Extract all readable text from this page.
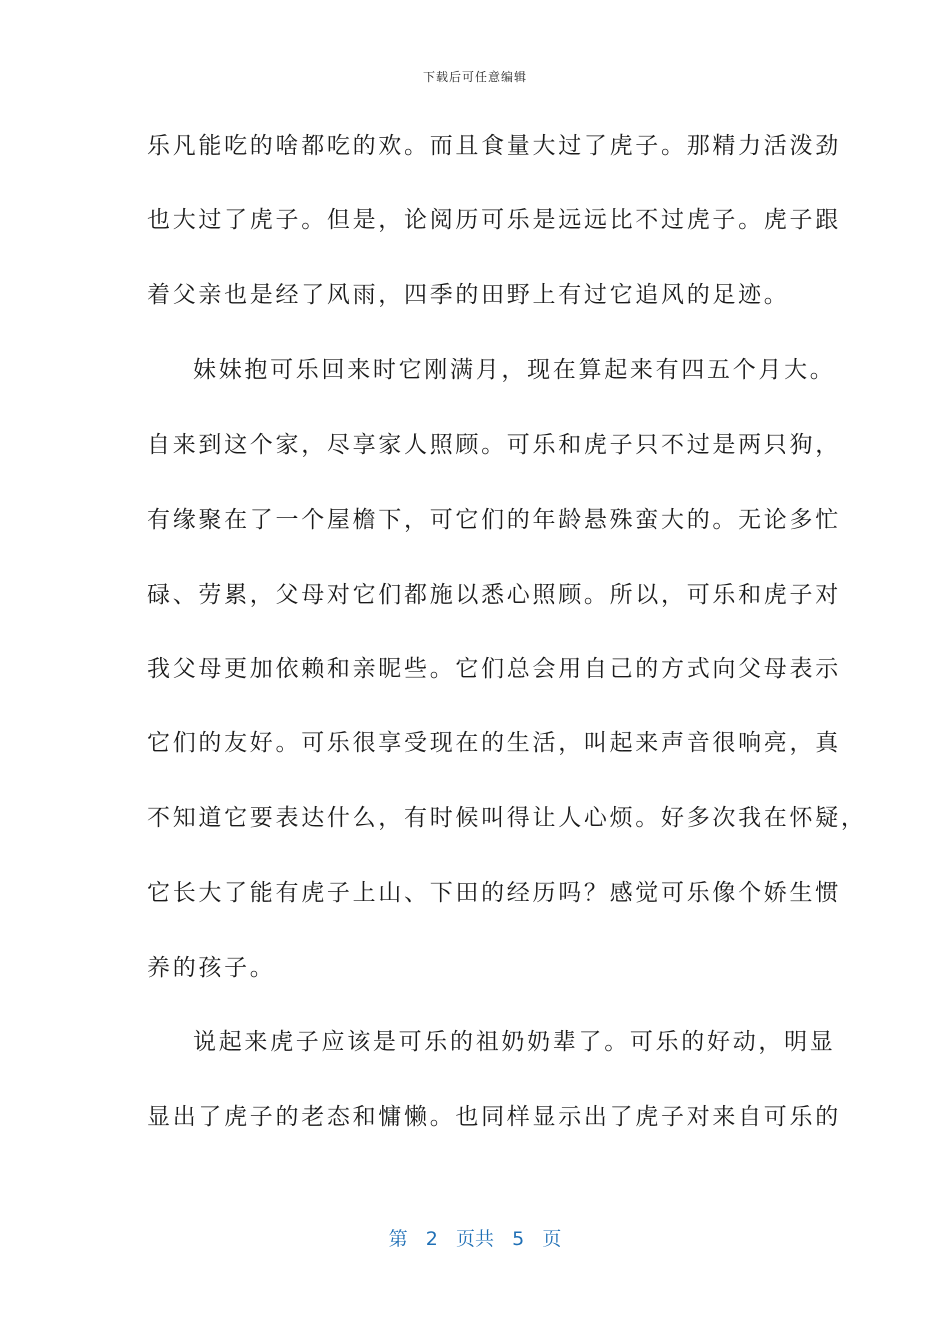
下载后可任意编辑
乐凡能吃的啥都吃的欢。而且食量大过了虎子。那精力活泼劲
也大过了虎子。但是，论阅历可乐是远远比不过虎子。虎子跟
着父亲也是经了风雨，四季的田野上有过它追风的足迹。
妹妹抱可乐回来时它刚满月，现在算起来有四五个月大。
自来到这个家，尽享家人照顾。可乐和虎子只不过是两只狗，
有缘聚在了一个屋檐下，可它们的年龄悬殊蛮大的。无论多忙
碌、劳累，父母对它们都施以悉心照顾。所以，可乐和虎子对
我父母更加依赖和亲昵些。它们总会用自己的方式向父母表示
它们的友好。可乐很享受现在的生活，叫起来声音很响亮，真
不知道它要表达什么，有时候叫得让人心烦。好多次我在怀疑，
它长大了能有虎子上山、下田的经历吗？感觉可乐像个娇生惯
养的孩子。
说起来虎子应该是可乐的祖奶奶辈了。可乐的好动，明显
显出了虎子的老态和慵懒。也同样显示出了虎子对来自可乐的
第 2 页共 5 页
